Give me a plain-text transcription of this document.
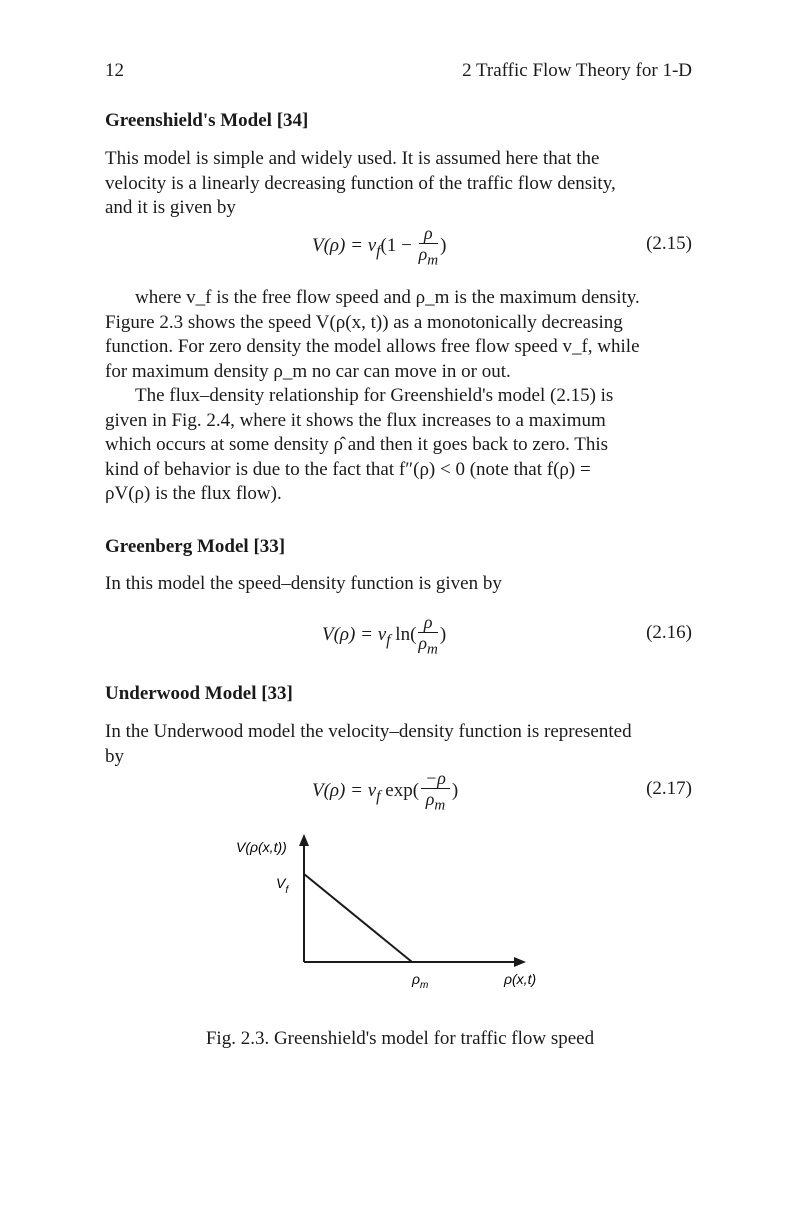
12	2 Traffic Flow Theory for 1-D
Greenshield's Model [34]

This model is simple and widely used. It is assumed here that the
velocity is a linearly decreasing function of the traffic flow density,
and it is given by

$V(\rho) = v_f(1 - \frac{\rho}{\rho_m}$ )	(2.15)

where v_f is the free flow speed and ρ_m is the maximum density.
Figure 2.3 shows the speed V(ρ(x, t)) as a monotonically decreasing
function. For zero density the model allows free flow speed v_f, while
for maximum density ρ_m no car can move in or out.

The flux–density relationship for Greenshield's model (2.15) is
given in Fig. 2.4, where it shows the flux increases to a maximum
which occurs at some density ρ̂ and then it goes back to zero. This
kind of behavior is due to the fact that f″(ρ) < 0 (note that f(ρ) =
ρV(ρ) is the flux flow).

Greenberg Model [33]

In this model the speed–density function is given by

$V(\rho) = v_f$ $\ln( \frac{\rho}{\rho_m}$ )	(2.16)
Underwood Model [33]

In the Underwood model the velocity–density function is represented
by

$V(\rho) = v_f$ $\exp( \frac{-\rho}{\rho_m}$ )	(2.17)
V(ρ(x,t))
$V_f$
$\rho_m$	ρ(x,t)
Fig. 2.3. Greenshield's model for traffic flow speed
